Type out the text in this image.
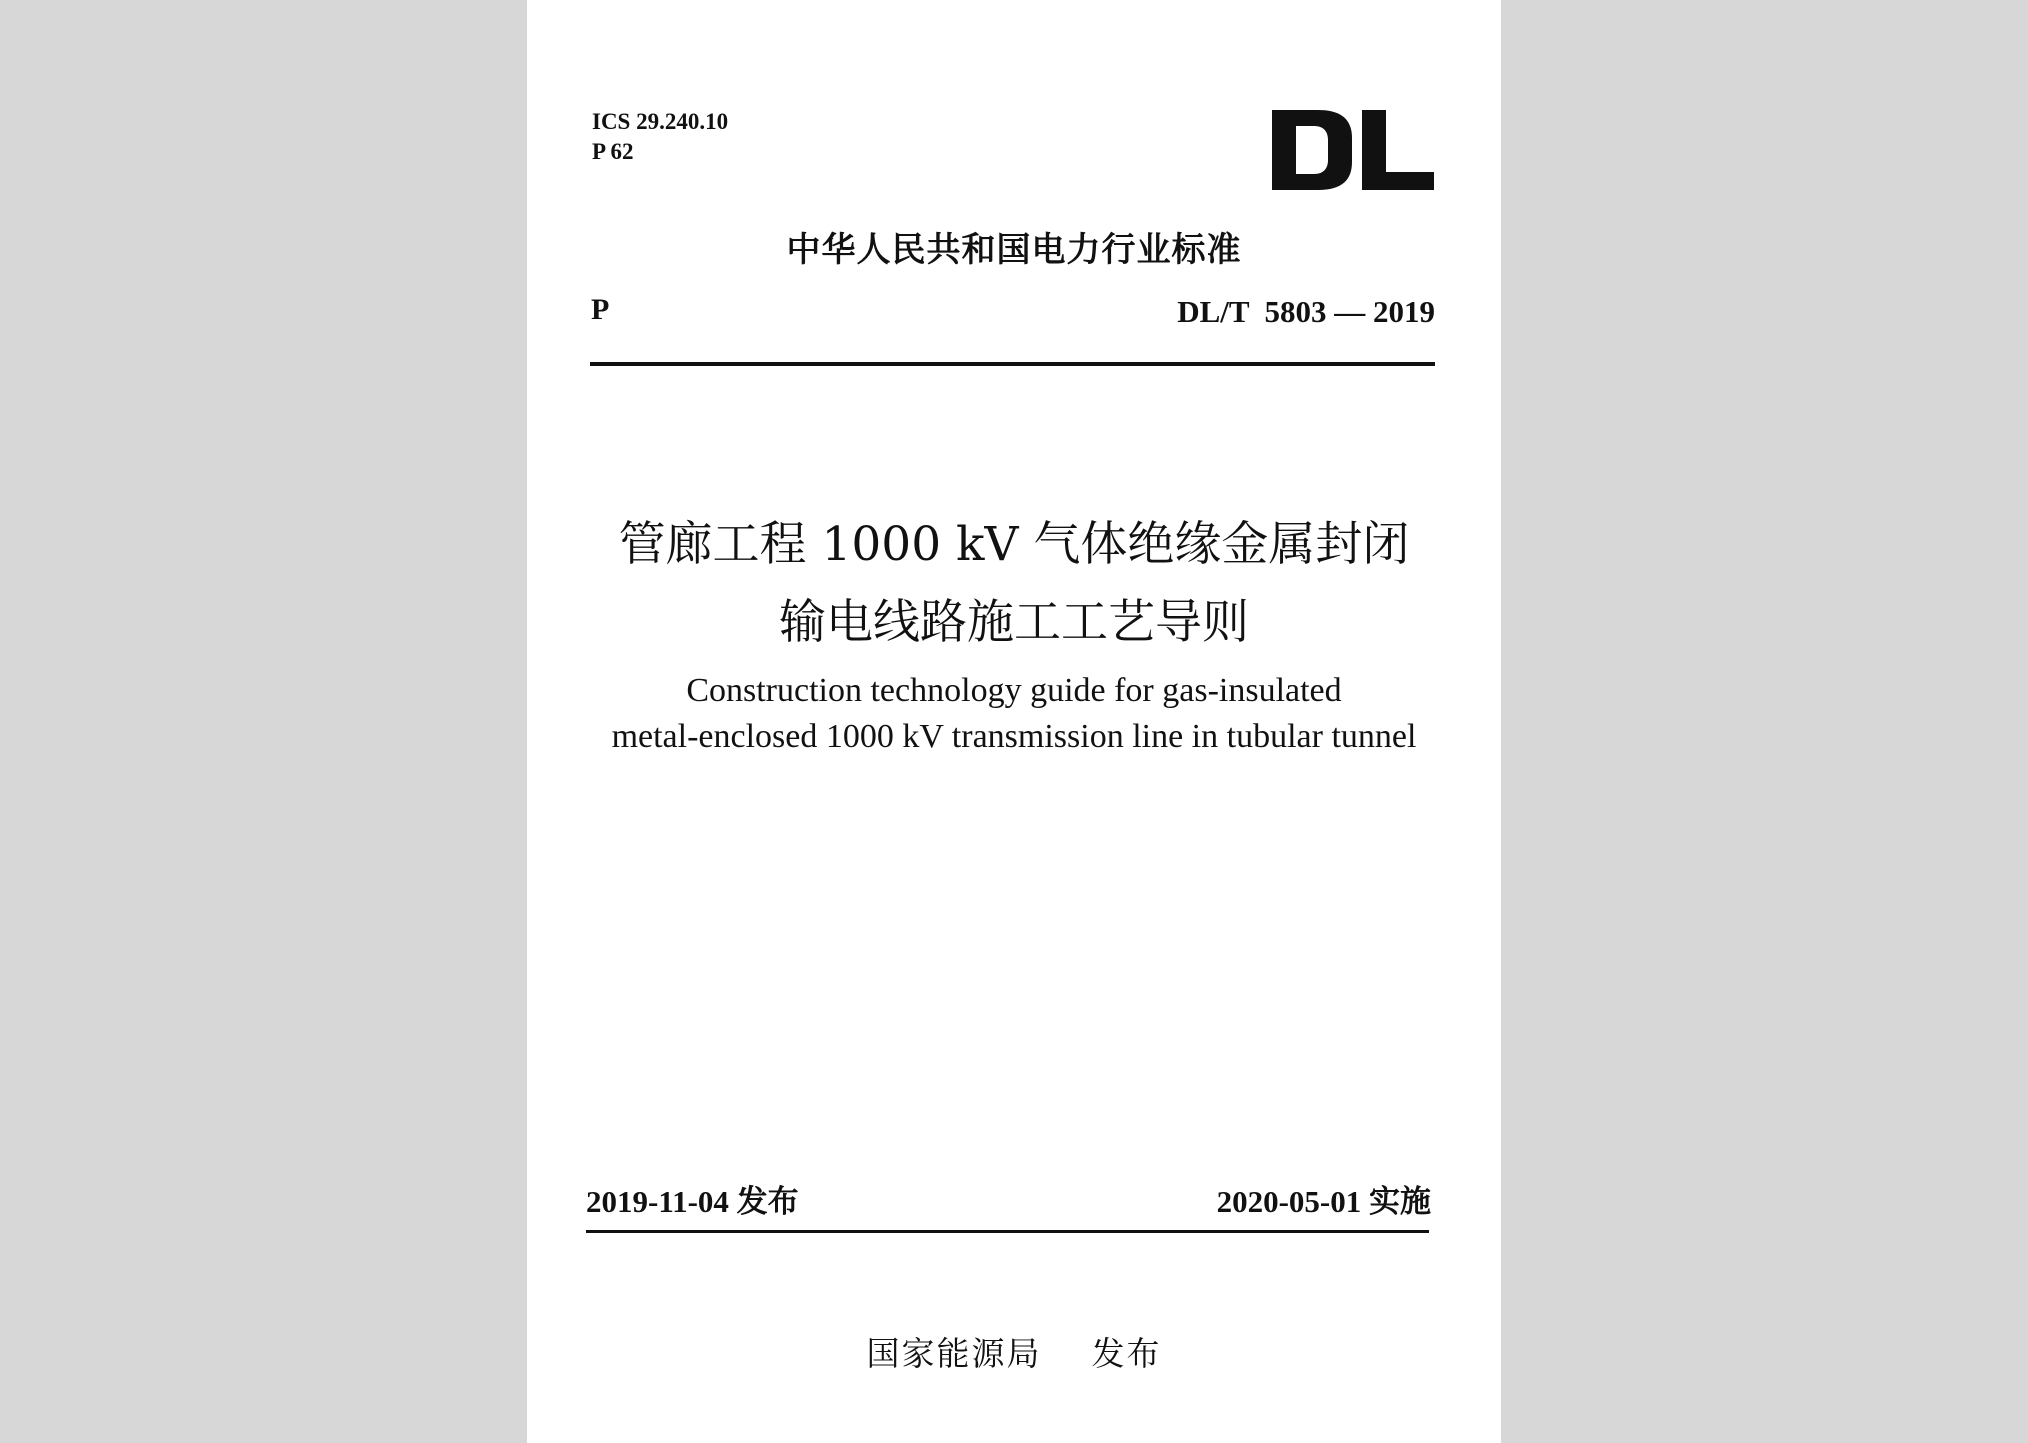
ICS 29.240.10
P 62
中华人民共和国电力行业标准
P	DL/T  5803 — 2019
管廊工程 1000 kV 气体绝缘金属封闭
输电线路施工工艺导则
Construction technology guide for gas-insulated
metal-enclosed 1000 kV transmission line in tubular tunnel
2019-11-04 发布	2020-05-01 实施
国家能源局    发布
